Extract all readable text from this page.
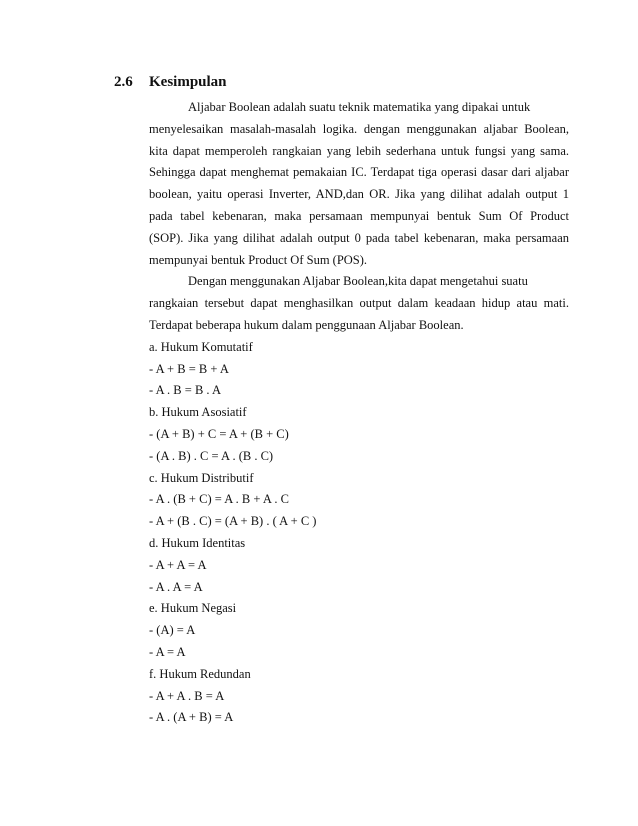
2.6 Kesimpulan
Aljabar Boolean adalah suatu teknik matematika yang dipakai untuk
menyelesaikan masalah-masalah logika. dengan menggunakan aljabar Boolean,
kita dapat memperoleh rangkaian yang lebih sederhana untuk fungsi yang sama.
Sehingga dapat menghemat pemakaian IC. Terdapat tiga operasi dasar dari aljabar
boolean, yaitu operasi Inverter, AND,dan OR. Jika yang dilihat adalah output 1
pada tabel kebenaran, maka persamaan mempunyai bentuk Sum Of Product
(SOP). Jika yang dilihat adalah output 0 pada tabel kebenaran, maka persamaan
mempunyai bentuk Product Of Sum (POS).
Dengan menggunakan Aljabar Boolean,kita dapat mengetahui suatu
rangkaian tersebut dapat menghasilkan output dalam keadaan hidup atau mati.
Terdapat beberapa hukum dalam penggunaan Aljabar Boolean.
a. Hukum Komutatif
- A + B = B + A
- A . B = B . A
b. Hukum Asosiatif
- (A + B) + C = A + (B + C)
- (A . B) . C = A . (B . C)
c. Hukum Distributif
- A . (B + C) = A . B + A . C
- A + (B . C) = (A + B) . ( A + C )
d. Hukum Identitas
- A + A = A
- A . A = A
e. Hukum Negasi
- (A) = A
- A = A
f. Hukum Redundan
- A + A . B = A
- A . (A + B) = A
